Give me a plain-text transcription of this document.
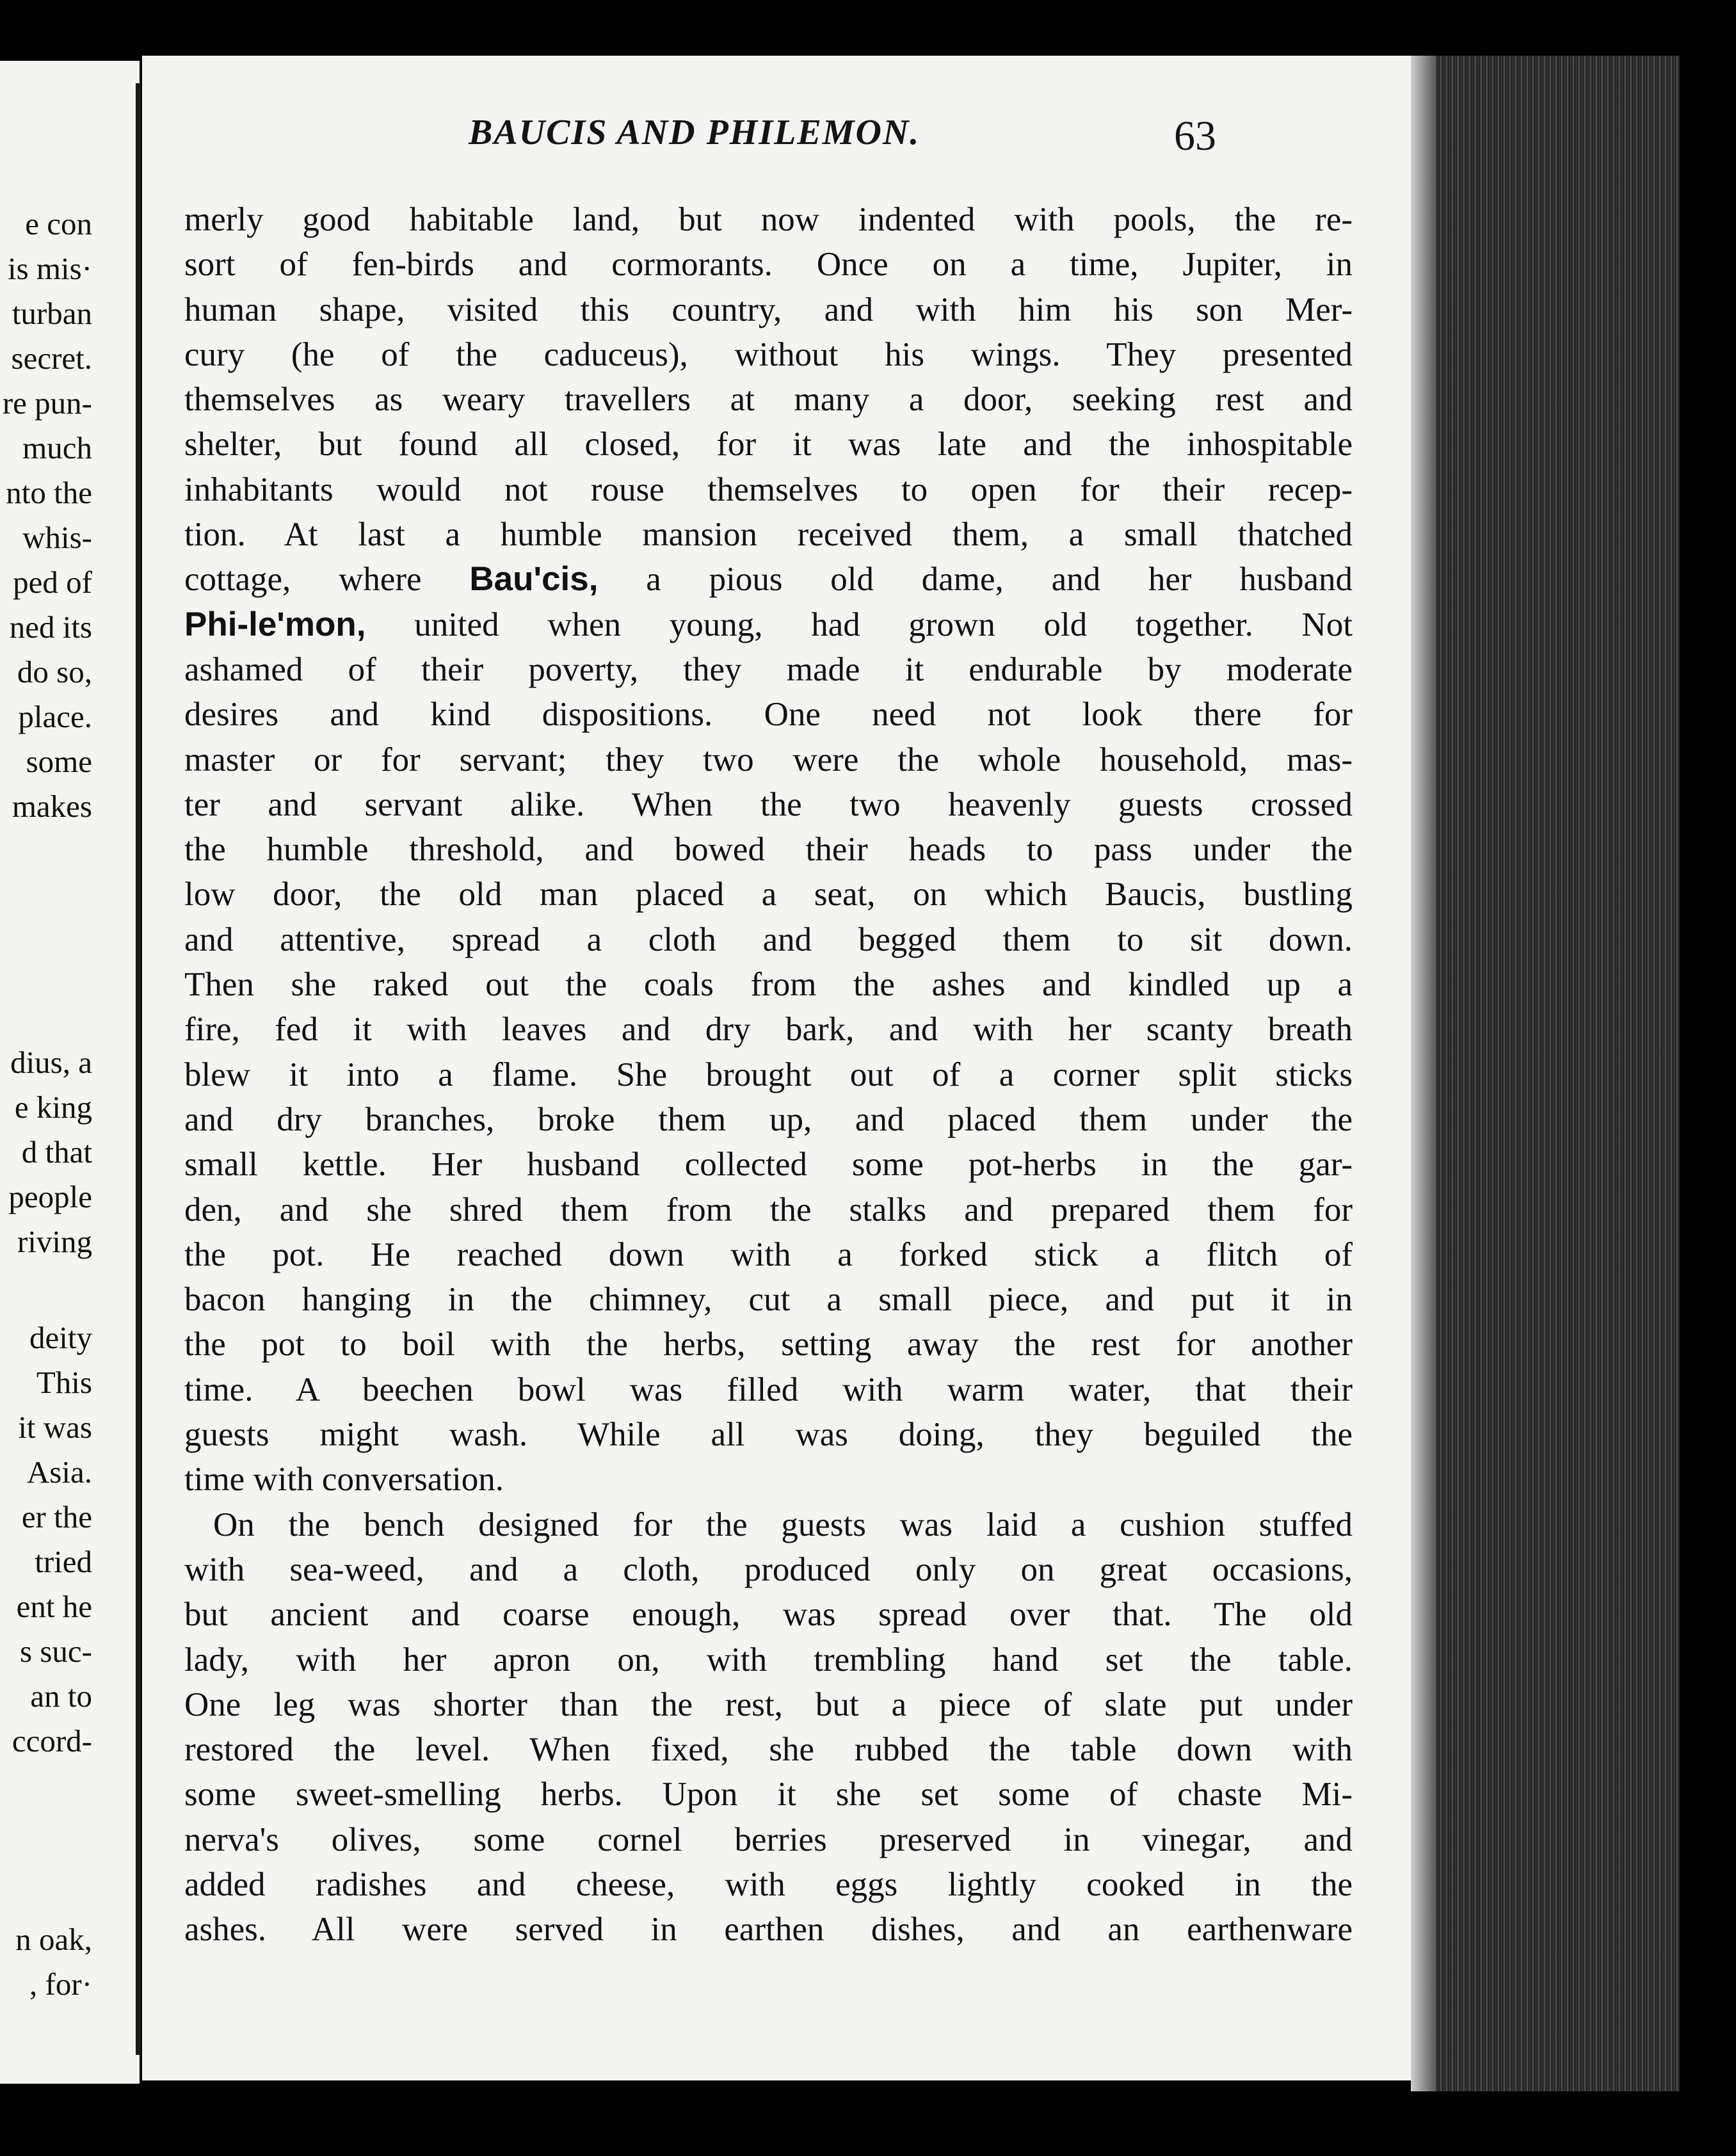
e con
is mis·
turban
secret.
re pun-
much
nto the
whis-
ped of
ned its
do so,
place.
some
makes
dius, a
e king
d that
people
riving
deity
This
it was
Asia.
er the
tried
ent he
s suc-
an to
ccord-
n oak,
, for·
BAUCIS AND PHILEMON.	63
merly good habitable land, but now indented with pools, the re-
sort of fen-birds and cormorants. Once on a time, Jupiter, in
human shape, visited this country, and with him his son Mer-
cury (he of the caduceus), without his wings. They presented
themselves as weary travellers at many a door, seeking rest and
shelter, but found all closed, for it was late and the inhospitable
inhabitants would not rouse themselves to open for their recep-
tion. At last a humble mansion received them, a small thatched
cottage, where Bau'cis, a pious old dame, and her husband
Phi-le'mon, united when young, had grown old together. Not
ashamed of their poverty, they made it endurable by moderate
desires and kind dispositions. One need not look there for
master or for servant; they two were the whole household, mas-
ter and servant alike. When the two heavenly guests crossed
the humble threshold, and bowed their heads to pass under the
low door, the old man placed a seat, on which Baucis, bustling
and attentive, spread a cloth and begged them to sit down.
Then she raked out the coals from the ashes and kindled up a
fire, fed it with leaves and dry bark, and with her scanty breath
blew it into a flame. She brought out of a corner split sticks
and dry branches, broke them up, and placed them under the
small kettle. Her husband collected some pot-herbs in the gar-
den, and she shred them from the stalks and prepared them for
the pot. He reached down with a forked stick a flitch of
bacon hanging in the chimney, cut a small piece, and put it in
the pot to boil with the herbs, setting away the rest for another
time. A beechen bowl was filled with warm water, that their
guests might wash. While all was doing, they beguiled the
time with conversation.
On the bench designed for the guests was laid a cushion stuffed
with sea-weed, and a cloth, produced only on great occasions,
but ancient and coarse enough, was spread over that. The old
lady, with her apron on, with trembling hand set the table.
One leg was shorter than the rest, but a piece of slate put under
restored the level. When fixed, she rubbed the table down with
some sweet-smelling herbs. Upon it she set some of chaste Mi-
nerva's olives, some cornel berries preserved in vinegar, and
added radishes and cheese, with eggs lightly cooked in the
ashes. All were served in earthen dishes, and an earthenware
